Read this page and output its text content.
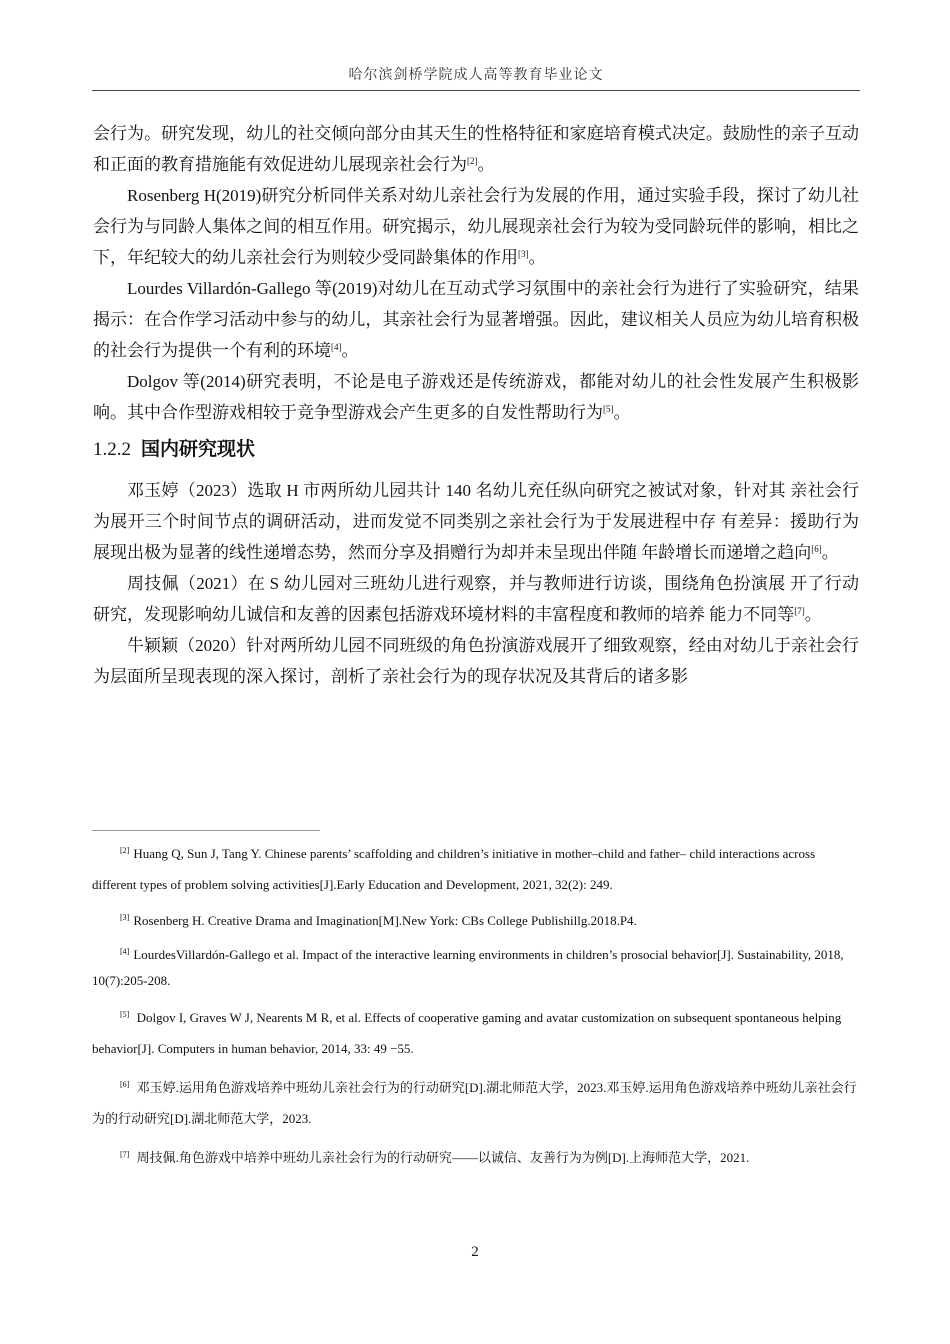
哈尔滨剑桥学院成人高等教育毕业论文

会行为。研究发现，幼儿的社交倾向部分由其天生的性格特征和家庭培育模式决定。鼓励性的亲子互动和正面的教育措施能有效促进幼儿展现亲社会行为[2]。

Rosenberg H(2019)研究分析同伴关系对幼儿亲社会行为发展的作用，通过实验手段，探讨了幼儿社会行为与同龄人集体之间的相互作用。研究揭示，幼儿展现亲社会行为较为受同龄玩伴的影响，相比之下，年纪较大的幼儿亲社会行为则较少受同龄集体的作用[3]。

Lourdes Villardón-Gallego 等(2019)对幼儿在互动式学习氛围中的亲社会行为进行了实验研究，结果揭示：在合作学习活动中参与的幼儿，其亲社会行为显著增强。因此，建议相关人员应为幼儿培育积极的社会行为提供一个有利的环境[4]。

Dolgov 等(2014)研究表明，不论是电子游戏还是传统游戏，都能对幼儿的社会性发展产生积极影响。其中合作型游戏相较于竞争型游戏会产生更多的自发性帮助行为[5]。

1.2.2 国内研究现状

邓玉婷（2023）选取 H 市两所幼儿园共计 140 名幼儿充任纵向研究之被试对象，针对其 亲社会行为展开三个时间节点的调研活动，进而发觉不同类别之亲社会行为于发展进程中存 有差异：援助行为展现出极为显著的线性递增态势，然而分享及捐赠行为却并未呈现出伴随 年龄增长而递增之趋向[6]。

周技佩（2021）在 S 幼儿园对三班幼儿进行观察，并与教师进行访谈，围绕角色扮演展 开了行动研究，发现影响幼儿诚信和友善的因素包括游戏环境材料的丰富程度和教师的培养 能力不同等[7]。

牛颖颖（2020）针对两所幼儿园不同班级的角色扮演游戏展开了细致观察，经由对幼儿于亲社会行为层面所呈现表现的深入探讨，剖析了亲社会行为的现存状况及其背后的诸多影

[2] Huang Q, Sun J, Tang Y. Chinese parents’ scaffolding and children’s initiative in mother–child and father– child interactions across different types of problem solving activities[J].Early Education and Development, 2021, 32(2): 249.

[3] Rosenberg H. Creative Drama and Imagination[M].New York: CBs College Publishillg.2018.P4.

[4] LourdesVillardón-Gallego et al. Impact of the interactive learning environments in children’s prosocial behavior[J]. Sustainability, 2018, 10(7):205-208.

[5] Dolgov I, Graves W J, Nearents M R, et al. Effects of cooperative gaming and avatar customization on subsequent spontaneous helping behavior[J]. Computers in human behavior, 2014, 33: 49 −55.

[6] 邓玉婷.运用角色游戏培养中班幼儿亲社会行为的行动研究[D].湖北师范大学，2023.邓玉婷.运用角色游戏培养中班幼儿亲社会行为的行动研究[D].湖北师范大学，2023.

[7] 周技佩.角色游戏中培养中班幼儿亲社会行为的行动研究——以诚信、友善行为为例[D].上海师范大学，2021.

2
